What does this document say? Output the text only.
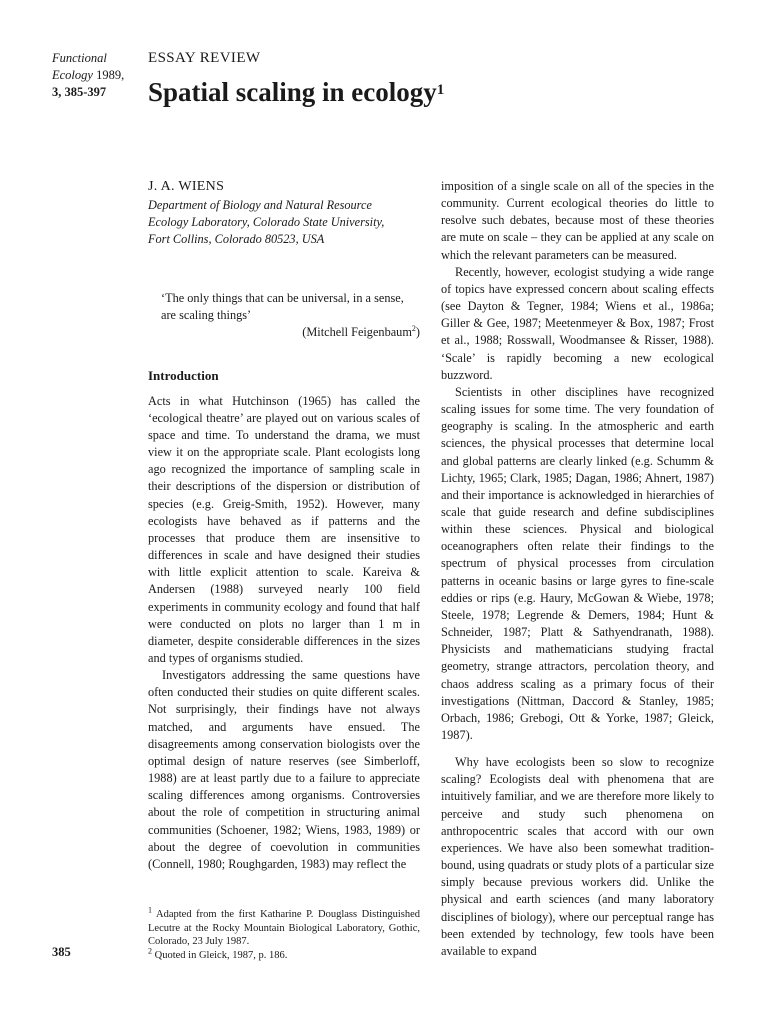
Functional
Ecology 1989,
3, 385-397
ESSAY REVIEW
Spatial scaling in ecology$^1$

J. A. WIENS

Department of Biology and Natural Resource

Ecology Laboratory, Colorado State University,

Fort Collins, Colorado 80523, USA

‘The only things that can be universal, in a sense, are scaling things’
(Mitchell Feigenbaum$^2$)
Introduction

Acts in what Hutchinson (1965) has called the ‘ecological theatre’ are played out on various scales of space and time. To understand the drama, we must view it on the appropriate scale. Plant ecologists long ago recognized the importance of sampling scale in their descriptions of the dispersion or distribution of species (e.g. Greig-Smith, 1952). However, many ecologists have behaved as if patterns and the processes that produce them are insensitive to differences in scale and have designed their studies with little explicit attention to scale. Kareiva & Andersen (1988) surveyed nearly 100 field experiments in community ecology and found that half were conducted on plots no larger than 1 m in diameter, despite considerable differences in the sizes and types of organisms studied.

Investigators addressing the same questions have often conducted their studies on quite different scales. Not surprisingly, their findings have not always matched, and arguments have ensued. The disagreements among conservation biologists over the optimal design of nature reserves (see Simberloff, 1988) are at least partly due to a failure to appreciate scaling differences among organisms. Controversies about the role of competition in structuring animal communities (Schoener, 1982; Wiens, 1983, 1989) or about the degree of coevolution in communities (Connell, 1980; Roughgarden, 1983) may reflect the

imposition of a single scale on all of the species in the community. Current ecological theories do little to resolve such debates, because most of these theories are mute on scale – they can be applied at any scale on which the relevant parameters can be measured.

Recently, however, ecologist studying a wide range of topics have expressed concern about scaling effects (see Dayton & Tegner, 1984; Wiens et al., 1986a; Giller & Gee, 1987; Meetenmeyer & Box, 1987; Frost et al., 1988; Rosswall, Woodmansee & Risser, 1988). ‘Scale’ is rapidly becoming a new ecological buzzword.

Scientists in other disciplines have recognized scaling issues for some time. The very foundation of geography is scaling. In the atmospheric and earth sciences, the physical processes that determine local and global patterns are clearly linked (e.g. Schumm & Lichty, 1965; Clark, 1985; Dagan, 1986; Ahnert, 1987) and their importance is acknowledged in hierarchies of scale that guide research and define subdisciplines within these sciences. Physical and biological oceanographers often relate their findings to the spectrum of physical processes from circulation patterns in oceanic basins or large gyres to fine-scale eddies or rips (e.g. Haury, McGowan & Wiebe, 1978; Steele, 1978; Legrende & Demers, 1984; Hunt & Schneider, 1987; Platt & Sathyendranath, 1988). Physicists and mathematicians studying fractal geometry, strange attractors, percolation theory, and chaos address scaling as a primary focus of their investigations (Nittman, Daccord & Stanley, 1985; Orbach, 1986; Grebogi, Ott & Yorke, 1987; Gleick, 1987).

Why have ecologists been so slow to recognize scaling? Ecologists deal with phenomena that are intuitively familiar, and we are therefore more likely to perceive and study such phenomena on anthropocentric scales that accord with our own experiences. We have also been somewhat tradition-bound, using quadrats or study plots of a particular size simply because previous workers did. Unlike the physical and earth sciences (and many laboratory disciplines of biology), where our perceptual range has been extended by technology, few tools have been available to expand

$^1$ Adapted from the first Katharine P. Douglass Distinguished Lecutre at the Rocky Mountain Biological Laboratory, Gothic, Colorado, 23 July 1987.

$^2$ Quoted in Gleick, 1987, p. 186.

385
